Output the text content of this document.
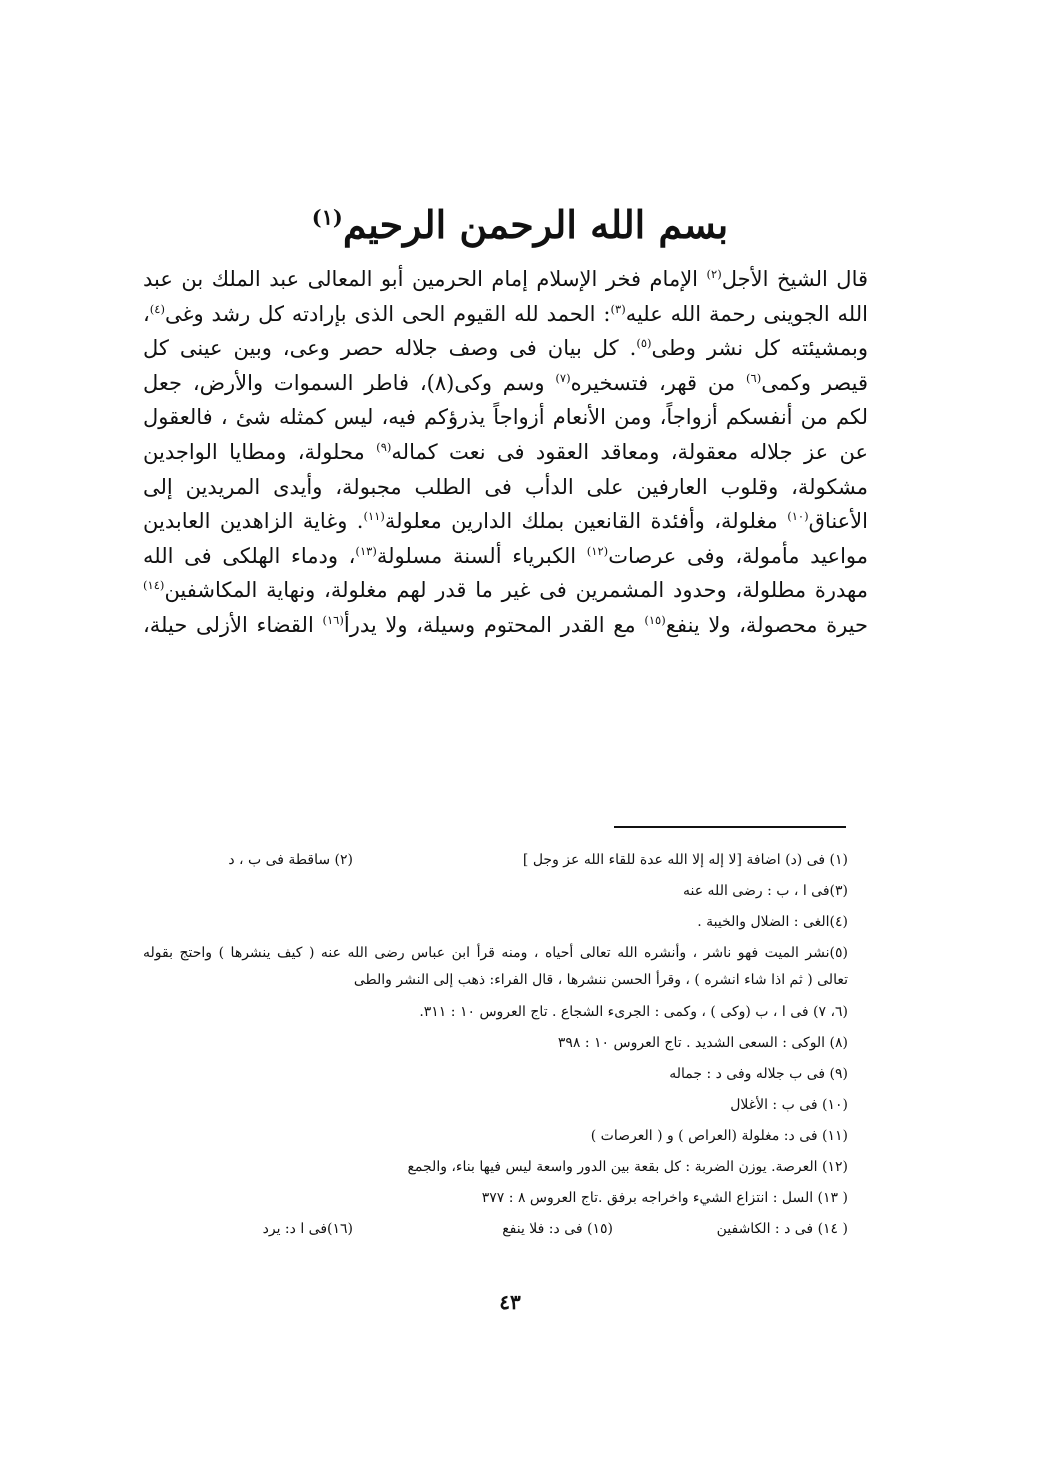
بسم الله الرحمن الرحيم$^{(١)}$
قال الشيخ الأجل$^{(٢)}$ الإمام فخر الإسلام إمام الحرمين أبو المعالى عبد الملك بن عبد
الله الجوينى رحمة الله عليه$^{(٣)}$: الحمد لله القيوم الحى الذى بإرادته كل رشد وغى$^{(٤)}$،
وبمشيئته كل نشر وطى$^{(٥)}$. كل بيان فى وصف جلاله حصر وعى، وبين عينى كل
قيصر وكمى$^{(٦)}$ من قهر، فتسخيره$^{(٧)}$ وسم وكى(٨)، فاطر السموات والأرض، جعل
لكم من أنفسكم أزواجاً، ومن الأنعام أزواجاً يذرؤكم فيه، ليس كمثله شئ ، فالعقول
عن عز جلاله معقولة، ومعاقد العقود فى نعت كماله$^{(٩)}$ محلولة، ومطايا الواجدين
مشكولة، وقلوب العارفين على الدأب فى الطلب مجبولة، وأيدى المريدين إلى
الأعناق$^{(١٠)}$ مغلولة، وأفئدة القانعين بملك الدارين معلولة$^{(١١)}$. وغاية الزاهدين العابدين
مواعيد مأمولة، وفى عرصات$^{(١٢)}$ الكبرياء ألسنة مسلولة$^{(١٣)}$، ودماء الهلكى فى الله
مهدرة مطلولة، وحدود المشمرين فى غير ما قدر لهم مغلولة، ونهاية المكاشفين$^{(١٤)}$
حيرة محصولة، ولا ينفع$^{(١٥)}$ مع القدر المحتوم وسيلة، ولا يدرأ$^{(١٦)}$ القضاء الأزلى حيلة،
(١) فى (د) اضافة [لا إله إلا الله عدة للقاء الله عز وجل ]
(٢) ساقطة فى ب ، د
(٣)فى ا ، ب : رضى الله عنه
(٤)الغى : الضلال والخيبة .
(٥)نشر الميت فهو ناشر ، وأنشره الله تعالى أحياه ، ومنه قرأ ابن عباس رضى الله عنه ( كيف ينشرها ) واحتج بقوله
تعالى ( ثم اذا شاء انشره ) ، وقرأ الحسن ننشرها ، قال الفراء: ذهب إلى النشر والطى
(٦، ٧) فى ا ، ب (وكى ) ، وكمى : الجرىء الشجاع . تاج العروس ١٠ : ٣١١.
(٨) الوكى : السعى الشديد . تاج العروس ١٠ : ٣٩٨
(٩) فى ب جلاله وفى د : جماله
(١٠) فى ب : الأغلال
(١١) فى د: مغلولة (العراص ) و ( العرصات )
(١٢) العرصة. يوزن الضربة : كل بقعة بين الدور واسعة ليس فيها بناء، والجمع
( ١٣) السل : انتزاع الشيء واخراجه برفق .تاج العروس ٨ : ٣٧٧
( ١٤) فى د : الكاشفين
(١٥) فى د: فلا ينفع
(١٦)فى ا د: يرد
٤٣
